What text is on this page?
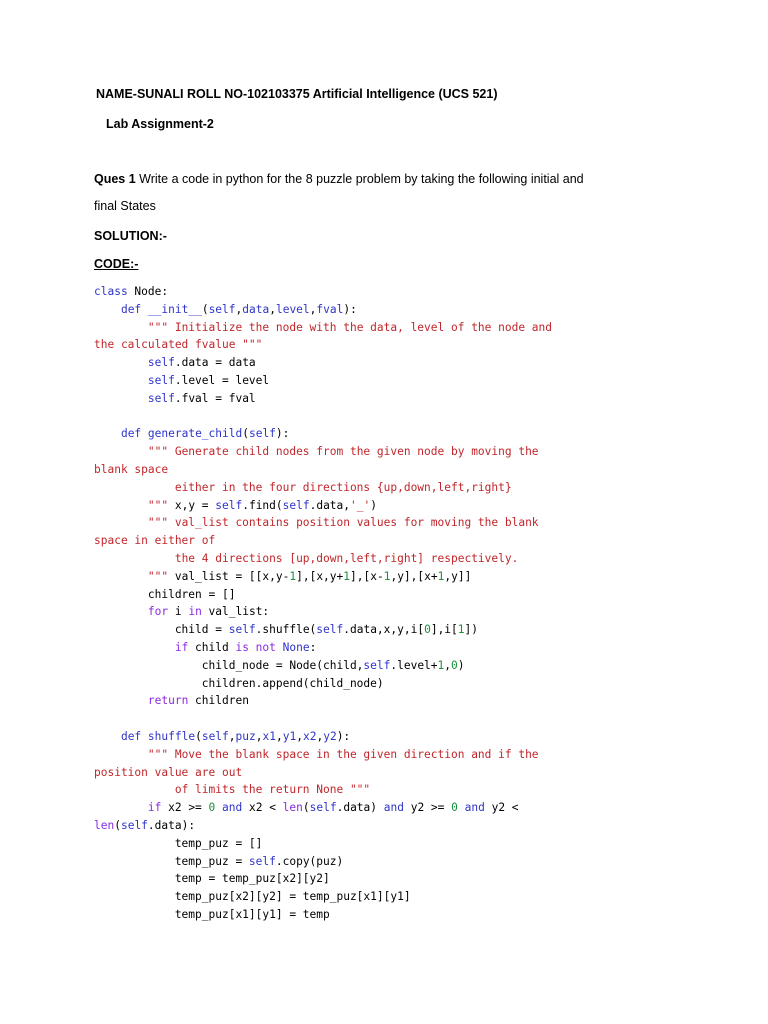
NAME-SUNALI ROLL NO-102103375 Artificial Intelligence (UCS 521)
Lab Assignment-2
Ques 1 Write a code in python for the 8 puzzle problem by taking the following initial and
final States
SOLUTION:-
CODE:-
class Node:
def __init__(self,data,level,fval):
""" Initialize the node with the data, level of the node and
the calculated fvalue """
self.data = data
self.level = level
self.fval = fval
def generate_child(self):
""" Generate child nodes from the given node by moving the
blank space
either in the four directions {up,down,left,right}
""" x,y = self.find(self.data,'_')
""" val_list contains position values for moving the blank
space in either of
the 4 directions [up,down,left,right] respectively.
""" val_list = [[x,y-1],[x,y+1],[x-1,y],[x+1,y]]
children = []
for i in val_list:
child = self.shuffle(self.data,x,y,i[0],i[1])
if child is not None:
child_node = Node(child,self.level+1,0)
children.append(child_node)
return children
def shuffle(self,puz,x1,y1,x2,y2):
""" Move the blank space in the given direction and if the
position value are out
of limits the return None """
if x2 >= 0 and x2 < len(self.data) and y2 >= 0 and y2 <
len(self.data):
temp_puz = []
temp_puz = self.copy(puz)
temp = temp_puz[x2][y2]
temp_puz[x2][y2] = temp_puz[x1][y1]
temp_puz[x1][y1] = temp
